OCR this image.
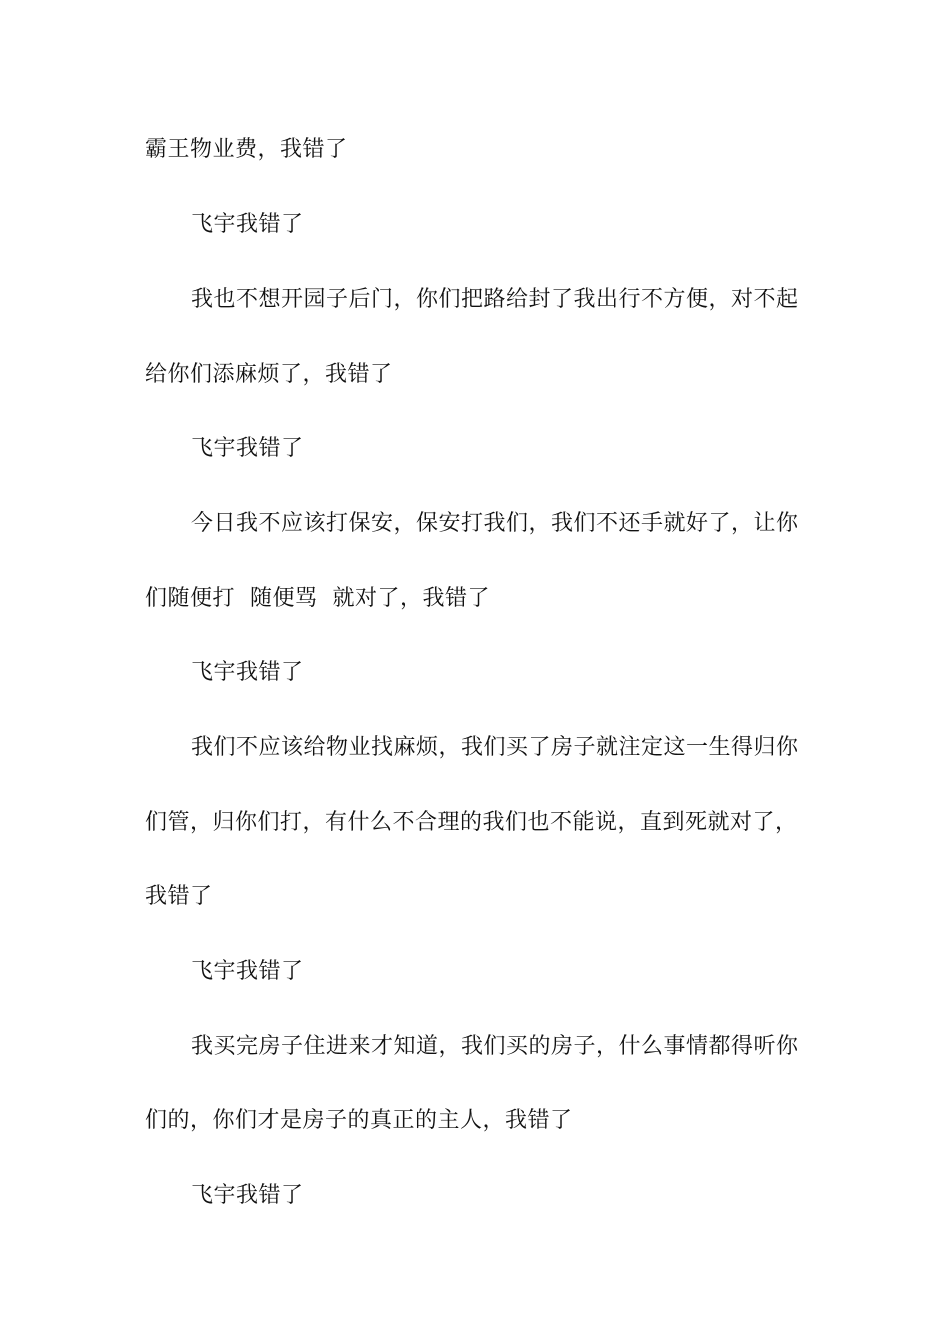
霸王物业费，我错了
飞宇我错了
我也不想开园子后门，你们把路给封了我出行不方便，对不起
给你们添麻烦了，我错了
飞宇我错了
今日我不应该打保安，保安打我们，我们不还手就好了，让你
们随便打  随便骂  就对了，我错了
飞宇我错了
我们不应该给物业找麻烦，我们买了房子就注定这一生得归你
们管，归你们打，有什么不合理的我们也不能说，直到死就对了，
我错了
飞宇我错了
我买完房子住进来才知道，我们买的房子，什么事情都得听你
们的，你们才是房子的真正的主人，我错了
飞宇我错了
